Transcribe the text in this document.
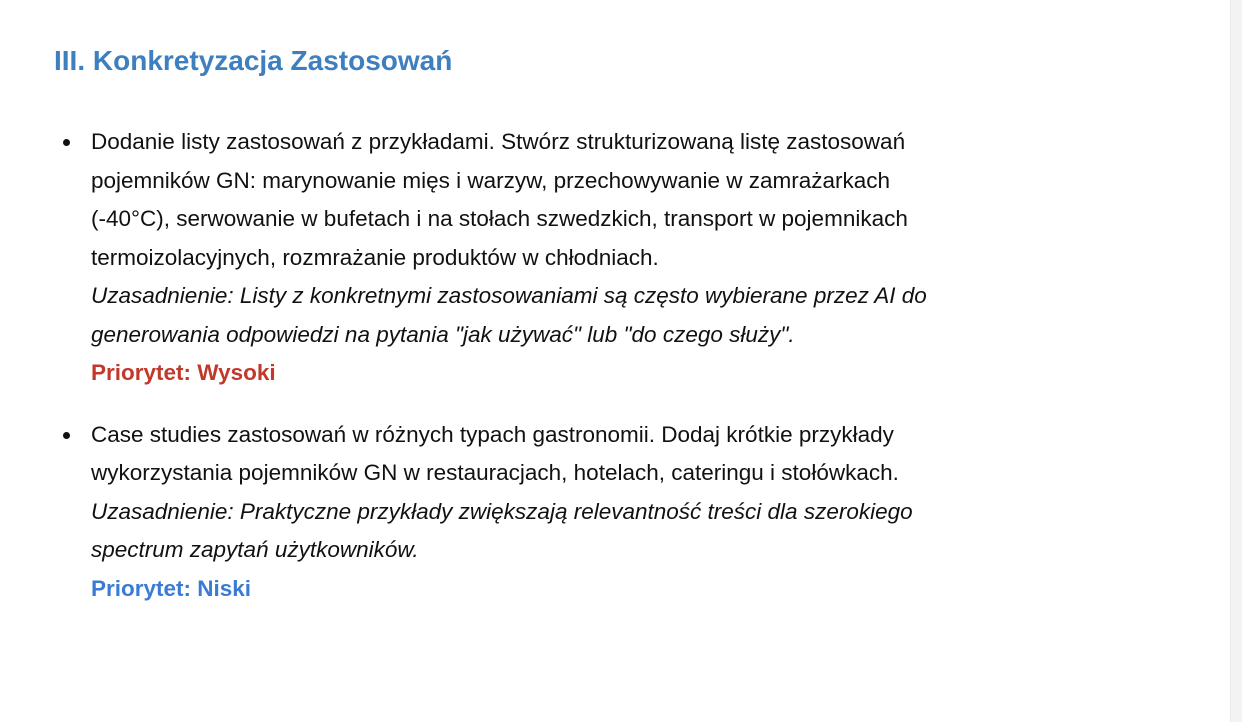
III. Konkretyzacja Zastosowań
Dodanie listy zastosowań z przykładami. Stwórz strukturizowaną listę zastosowań
pojemników GN: marynowanie mięs i warzyw, przechowywanie w zamrażarkach
(-40°C), serwowanie w bufetach i na stołach szwedzkich, transport w pojemnikach
termoizolacyjnych, rozmrażanie produktów w chłodniach.
Uzasadnienie: Listy z konkretnymi zastosowaniami są często wybierane przez AI do
generowania odpowiedzi na pytania "jak używać" lub "do czego służy".
Priorytet: Wysoki
Case studies zastosowań w różnych typach gastronomii. Dodaj krótkie przykłady
wykorzystania pojemników GN w restauracjach, hotelach, cateringu i stołówkach.
Uzasadnienie: Praktyczne przykłady zwiększają relevantność treści dla szerokiego
spectrum zapytań użytkowników.
Priorytet: Niski
